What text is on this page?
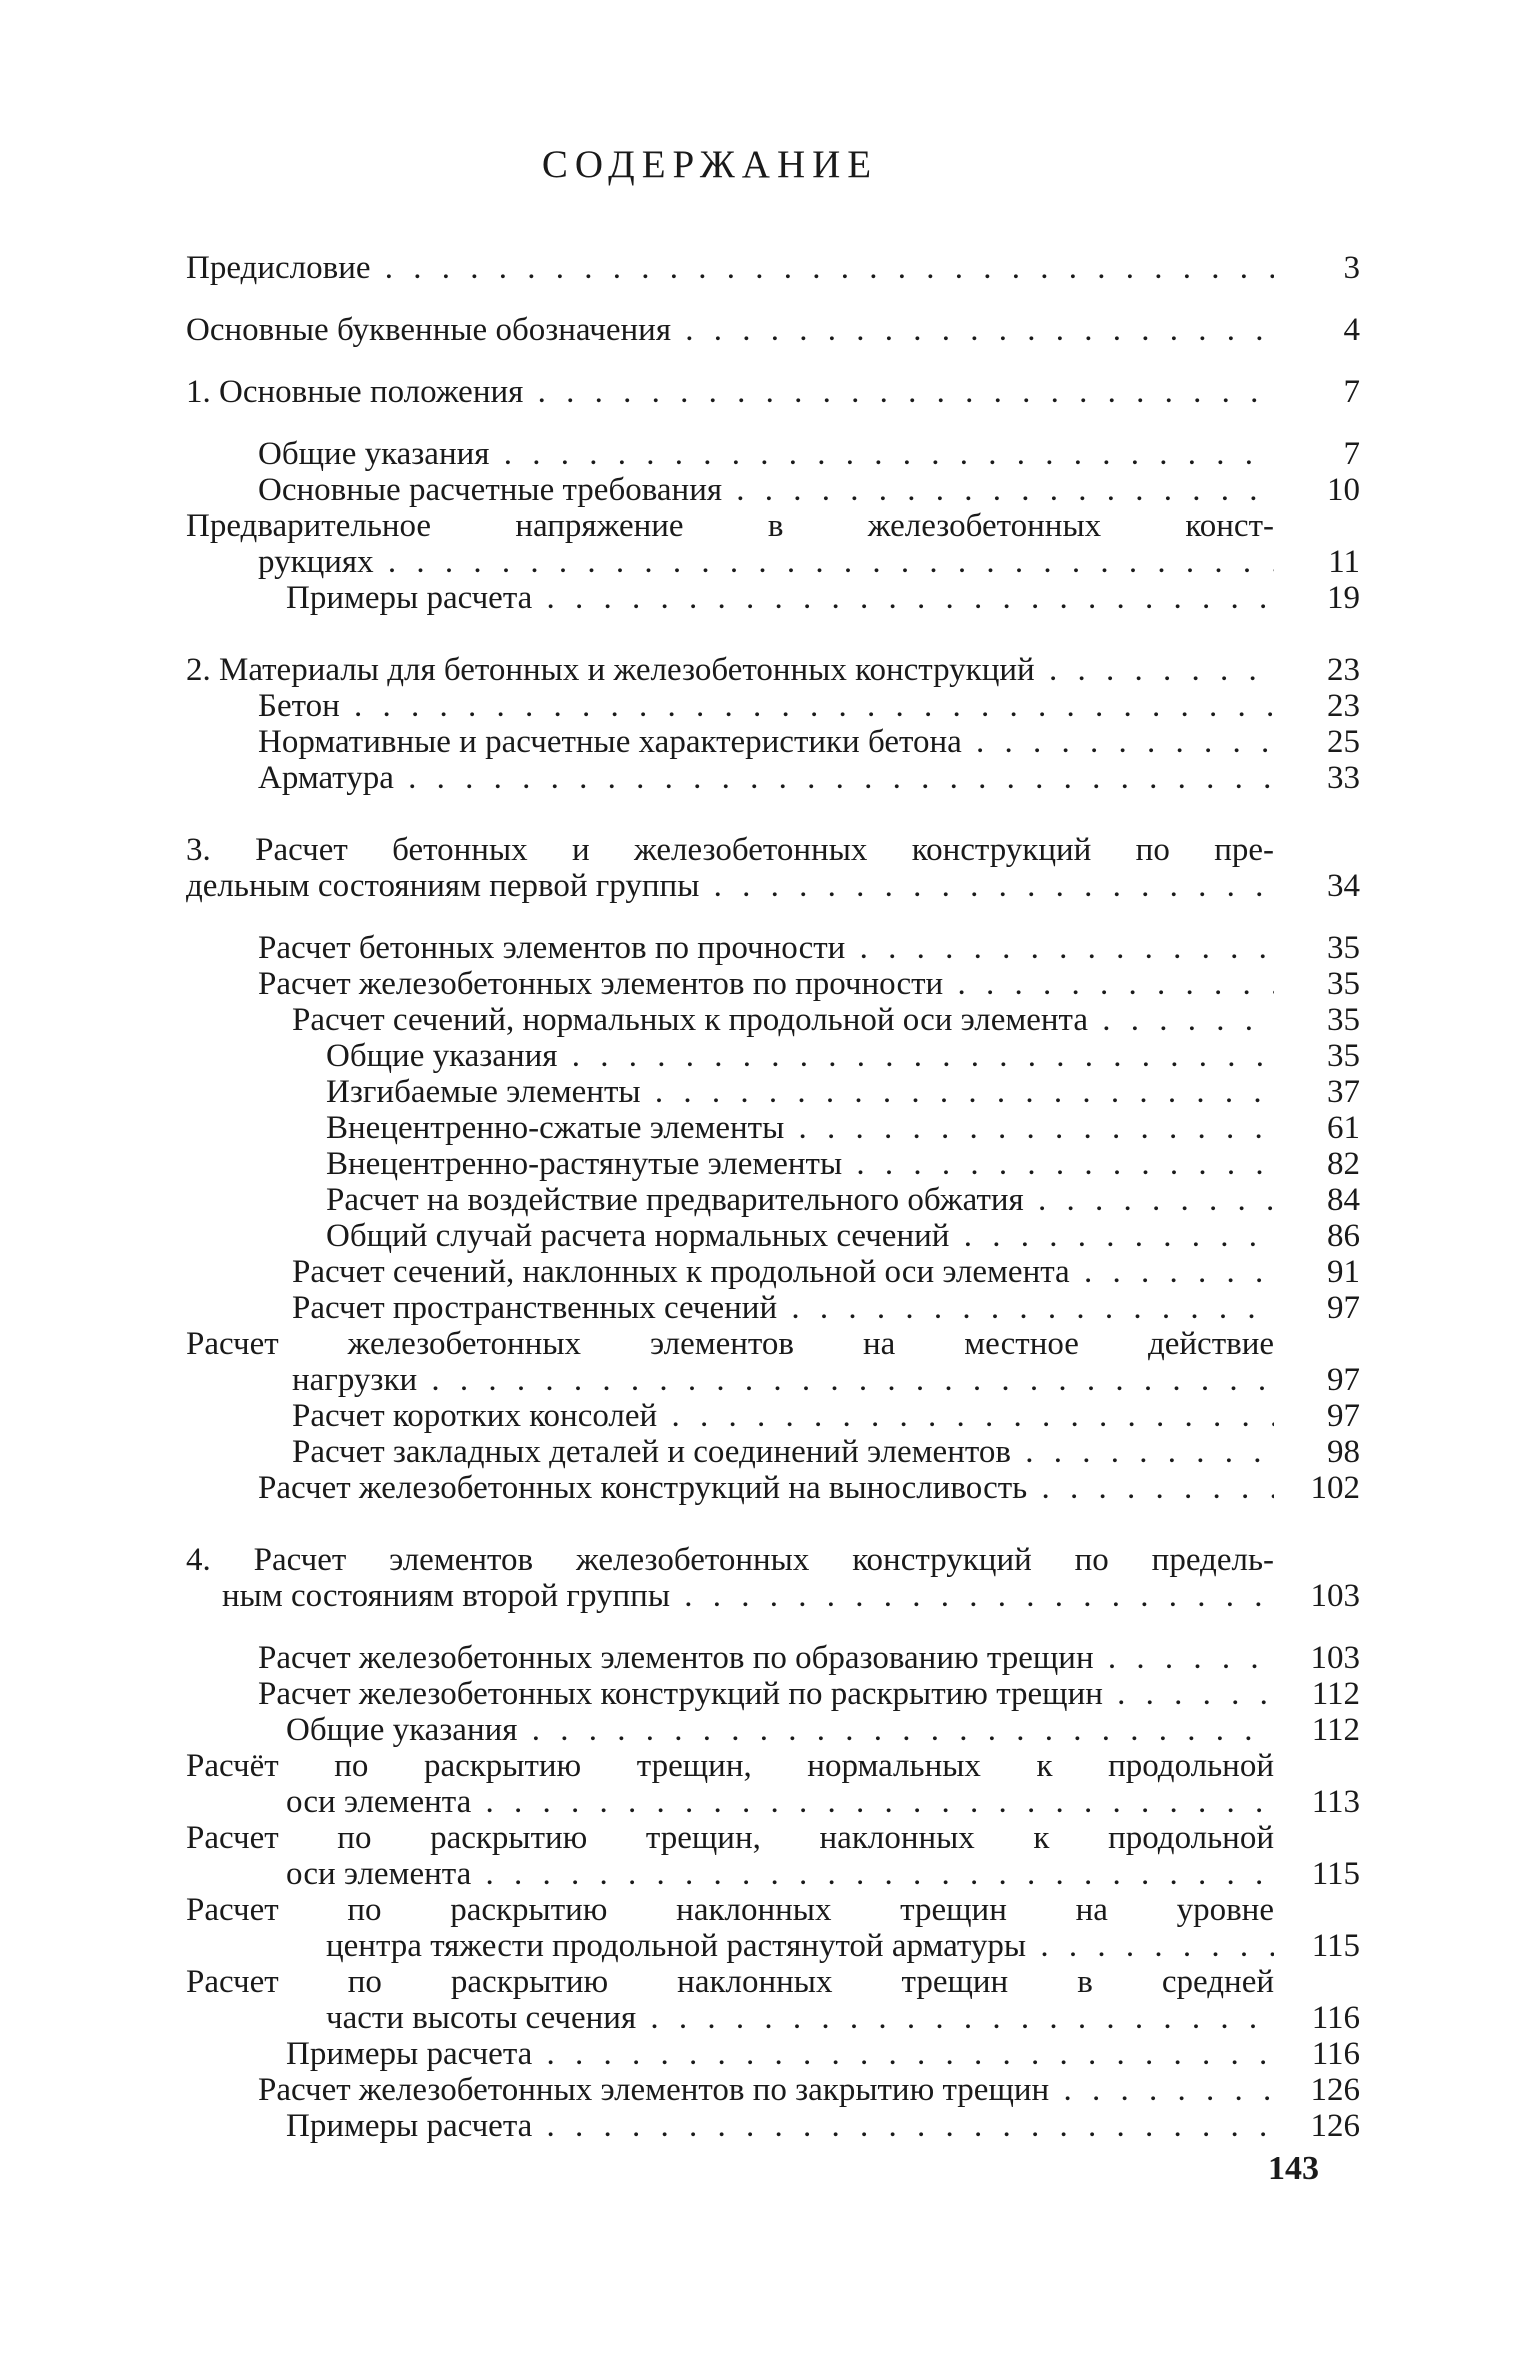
СОДЕРЖАНИЕ
Предисловие . . .	3
Основные буквенные обозначения . . .	4
1. Основные положения . . .	7
Общие указания . . .	7
Основные расчетные требования . . .	10
Предварительное напряжение в железобетонных конст-
рукциях . . .	11
Примеры расчета . . .	19
2. Материалы для бетонных и железобетонных конструкций . . .	23
Бетон . . .	23
Нормативные и расчетные характеристики бетона . . .	25
Арматура . . .	33
3. Расчет бетонных и железобетонных конструкций по пре-
дельным состояниям первой группы . . .	34
Расчет бетонных элементов по прочности . . .	35
Расчет железобетонных элементов по прочности . . .	35
Расчет сечений, нормальных к продольной оси элемента . . .	35
Общие указания . . .	35
Изгибаемые элементы . . .	37
Внецентренно-сжатые элементы . . .	61
Внецентренно-растянутые элементы . . .	82
Расчет на воздействие предварительного обжатия . . .	84
Общий случай расчета нормальных сечений . . .	86
Расчет сечений, наклонных к продольной оси элемента . . .	91
Расчет пространственных сечений . . .	97
Расчет железобетонных элементов на местное действие
нагрузки . . .	97
Расчет коротких консолей . . .	97
Расчет закладных деталей и соединений элементов . . .	98
Расчет железобетонных конструкций на выносливость . . .	102
4. Расчет элементов железобетонных конструкций по предель-
ным состояниям второй группы . . .	103
Расчет железобетонных элементов по образованию трещин . . .	103
Расчет железобетонных конструкций по раскрытию трещин . . .	112
Общие указания . . .	112
Расчёт по раскрытию трещин, нормальных к продольной
оси элемента . . .	113
Расчет по раскрытию трещин, наклонных к продольной
оси элемента . . .	115
Расчет по раскрытию наклонных трещин на уровне
центра тяжести продольной растянутой арматуры . . .	115
Расчет по раскрытию наклонных трещин в средней
части высоты сечения . . .	116
Примеры расчета . . .	116
Расчет железобетонных элементов по закрытию трещин . . .	126
Примеры расчета . . .	126
143
